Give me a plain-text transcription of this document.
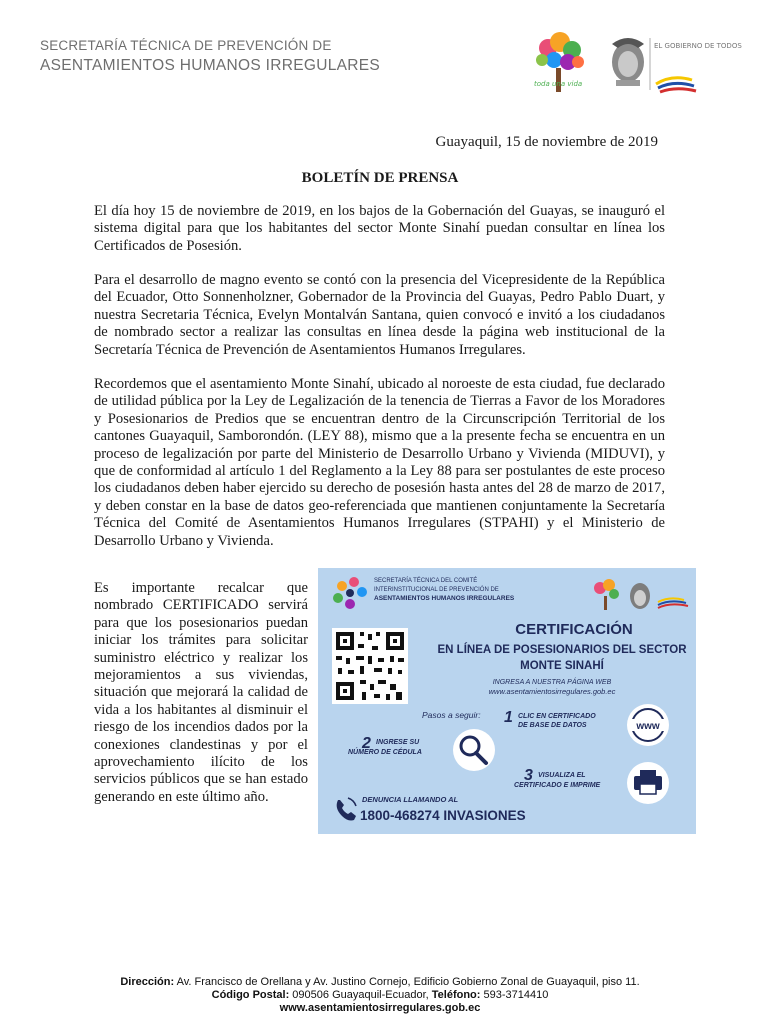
SECRETARÍA TÉCNICA DE PREVENCIÓN DE
ASENTAMIENTOS HUMANOS IRREGULARES
toda una vida
EL GOBIERNO DE TODOS
Guayaquil, 15 de noviembre de 2019
BOLETÍN DE PRENSA

El día hoy 15 de noviembre de 2019, en los bajos de la Gobernación del Guayas, se inauguró el sistema digital para que los habitantes del sector Monte Sinahí puedan consultar en línea los Certificados de Posesión.

Para el desarrollo de magno evento se contó con la presencia del Vicepresidente de la República del Ecuador, Otto Sonnenholzner, Gobernador de la Provincia del Guayas, Pedro Pablo Duart, y nuestra Secretaria Técnica, Evelyn Montalván Santana, quien convocó e invitó a los ciudadanos de nombrado sector a realizar las consultas en línea desde la página web institucional de la Secretaría Técnica de Prevención de Asentamientos Humanos Irregulares.

Recordemos que el asentamiento Monte Sinahí, ubicado al noroeste de esta ciudad, fue declarado de utilidad pública por la Ley de Legalización de la tenencia de Tierras a Favor de los Moradores y Posesionarios de Predios que se encuentran dentro de la Circunscripción Territorial de los cantones Guayaquil, Samborondón. (LEY 88), mismo que a la presente fecha se encuentra en un proceso de legalización por parte del Ministerio de Desarrollo Urbano y Vivienda (MIDUVI), y que de conformidad al artículo 1 del Reglamento a la Ley 88 para ser postulantes de este proceso los ciudadanos deben haber ejercido su derecho de posesión hasta antes del 28 de marzo de 2017, y deben constar en la base de datos geo-referenciada que mantienen conjuntamente la Secretaría Técnica del Comité de Asentamientos Humanos Irregulares (STPAHI) y el Ministerio de Desarrollo Urbano y Vivienda.

Es importante recalcar que nombrado CERTIFICADO servirá para que los posesionarios puedan iniciar los trámites para solicitar suministro eléctrico y realizar los mejoramientos a sus viviendas, situación que mejorará la calidad de vida a los habitantes al disminuir el riesgo de los incendios dados por la conexiones clandestinas y por el aprovechamiento ilícito de los servicios públicos que se han estado generando en este último año.

SECRETARÍA TÉCNICA DEL COMITÉ
INTERINSTITUCIONAL DE PREVENCIÓN DE
ASENTAMIENTOS HUMANOS IRREGULARES
CERTIFICACIÓN
EN LÍNEA DE POSESIONARIOS DEL SECTOR
MONTE SINAHÍ
INGRESA A NUESTRA PÁGINA WEB
www.asentamientosirregulares.gob.ec
Pasos a seguir: 1 CLIC EN CERTIFICADO
DE BASE DE DATOS	www
2 INGRESE SU
NÚMERO DE CÉDULA
3 VISUALIZA EL
CERTIFICADO E IMPRIME
DENUNCIA LLAMANDO AL
1800-468274 INVASIONES
Dirección: Av. Francisco de Orellana y Av. Justino Cornejo, Edificio Gobierno Zonal de Guayaquil, piso 11.
Código Postal: 090506 Guayaquil-Ecuador, Teléfono: 593-3714410
www.asentamientosirregulares.gob.ec
